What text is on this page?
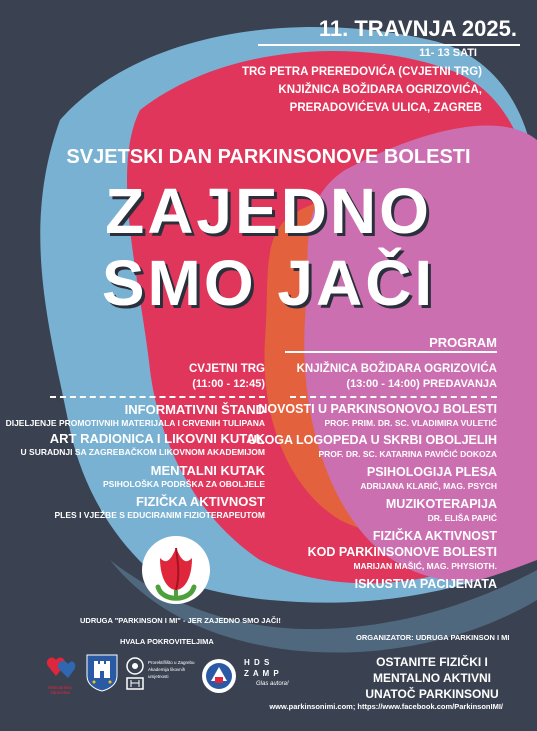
11. TRAVNJA 2025.
11- 13 SATI
TRG PETRA PREREDOVIĆA (CVJETNI TRG)
KNJIŽNICA BOŽIDARA OGRIZOVIĆA,
PRERADOVIĆEVA ULICA, ZAGREB
SVJETSKI DAN PARKINSONOVE BOLESTI
ZAJEDNO
SMO JAČI
PROGRAM
CVJETNI TRG
(11:00 - 12:45)
INFORMATIVNI ŠTAND
DIJELJENJE PROMOTIVNIH MATERIJALA I CRVENIH TULIPANA
ART RADIONICA I LIKOVNI KUTAK
U SURADNJI SA ZAGREBAČKOM LIKOVNOM AKADEMIJOM
MENTALNI KUTAK
PSIHOLOŠKA PODRŠKA ZA OBOLJELE
FIZIČKA AKTIVNOST
PLES I VJEŽBE S EDUCIRANIM FIZIOTERAPEUTOM
KNJIŽNICA BOŽIDARA OGRIZOVIĆA
(13:00 - 14:00) PREDAVANJA
NOVOSTI U PARKINSONOVOJ BOLESTI
PROF. PRIM. DR. SC. VLADIMIRA VULETIĆ
ULOGA LOGOPEDA U SKRBI OBOLJELIH
PROF. DR. SC. KATARINA PAVIČIĆ DOKOZA
PSIHOLOGIJA PLESA
ADRIJANA KLARIĆ, MAG. PSYCH
MUZIKOTERAPIJA
DR. ELIŠA PAPIĆ
FIZIČKA AKTIVNOST
KOD PARKINSONOVE BOLESTI
MARIJAN MAŠIĆ, MAG. PHYSIOTH.
ISKUSTVA PACIJENATA
UDRUGA "PARKINSON I MI" - JER ZAJEDNO SMO JAČI!
HVALA POKROVITELJIMA
Ministarstvo
zdravstva
Prorektiflišto u Zagrebu
Akademija likovnih
umjetnosti
H D S
Z A M P
Glas autora!
ORGANIZATOR: UDRUGA PARKINSON I MI
OSTANITE FIZIČKI I
MENTALNO AKTIVNI
UNATOČ PARKINSONU
www.parkinsonimi.com; https://www.facebook.com/ParkinsonIMI/
